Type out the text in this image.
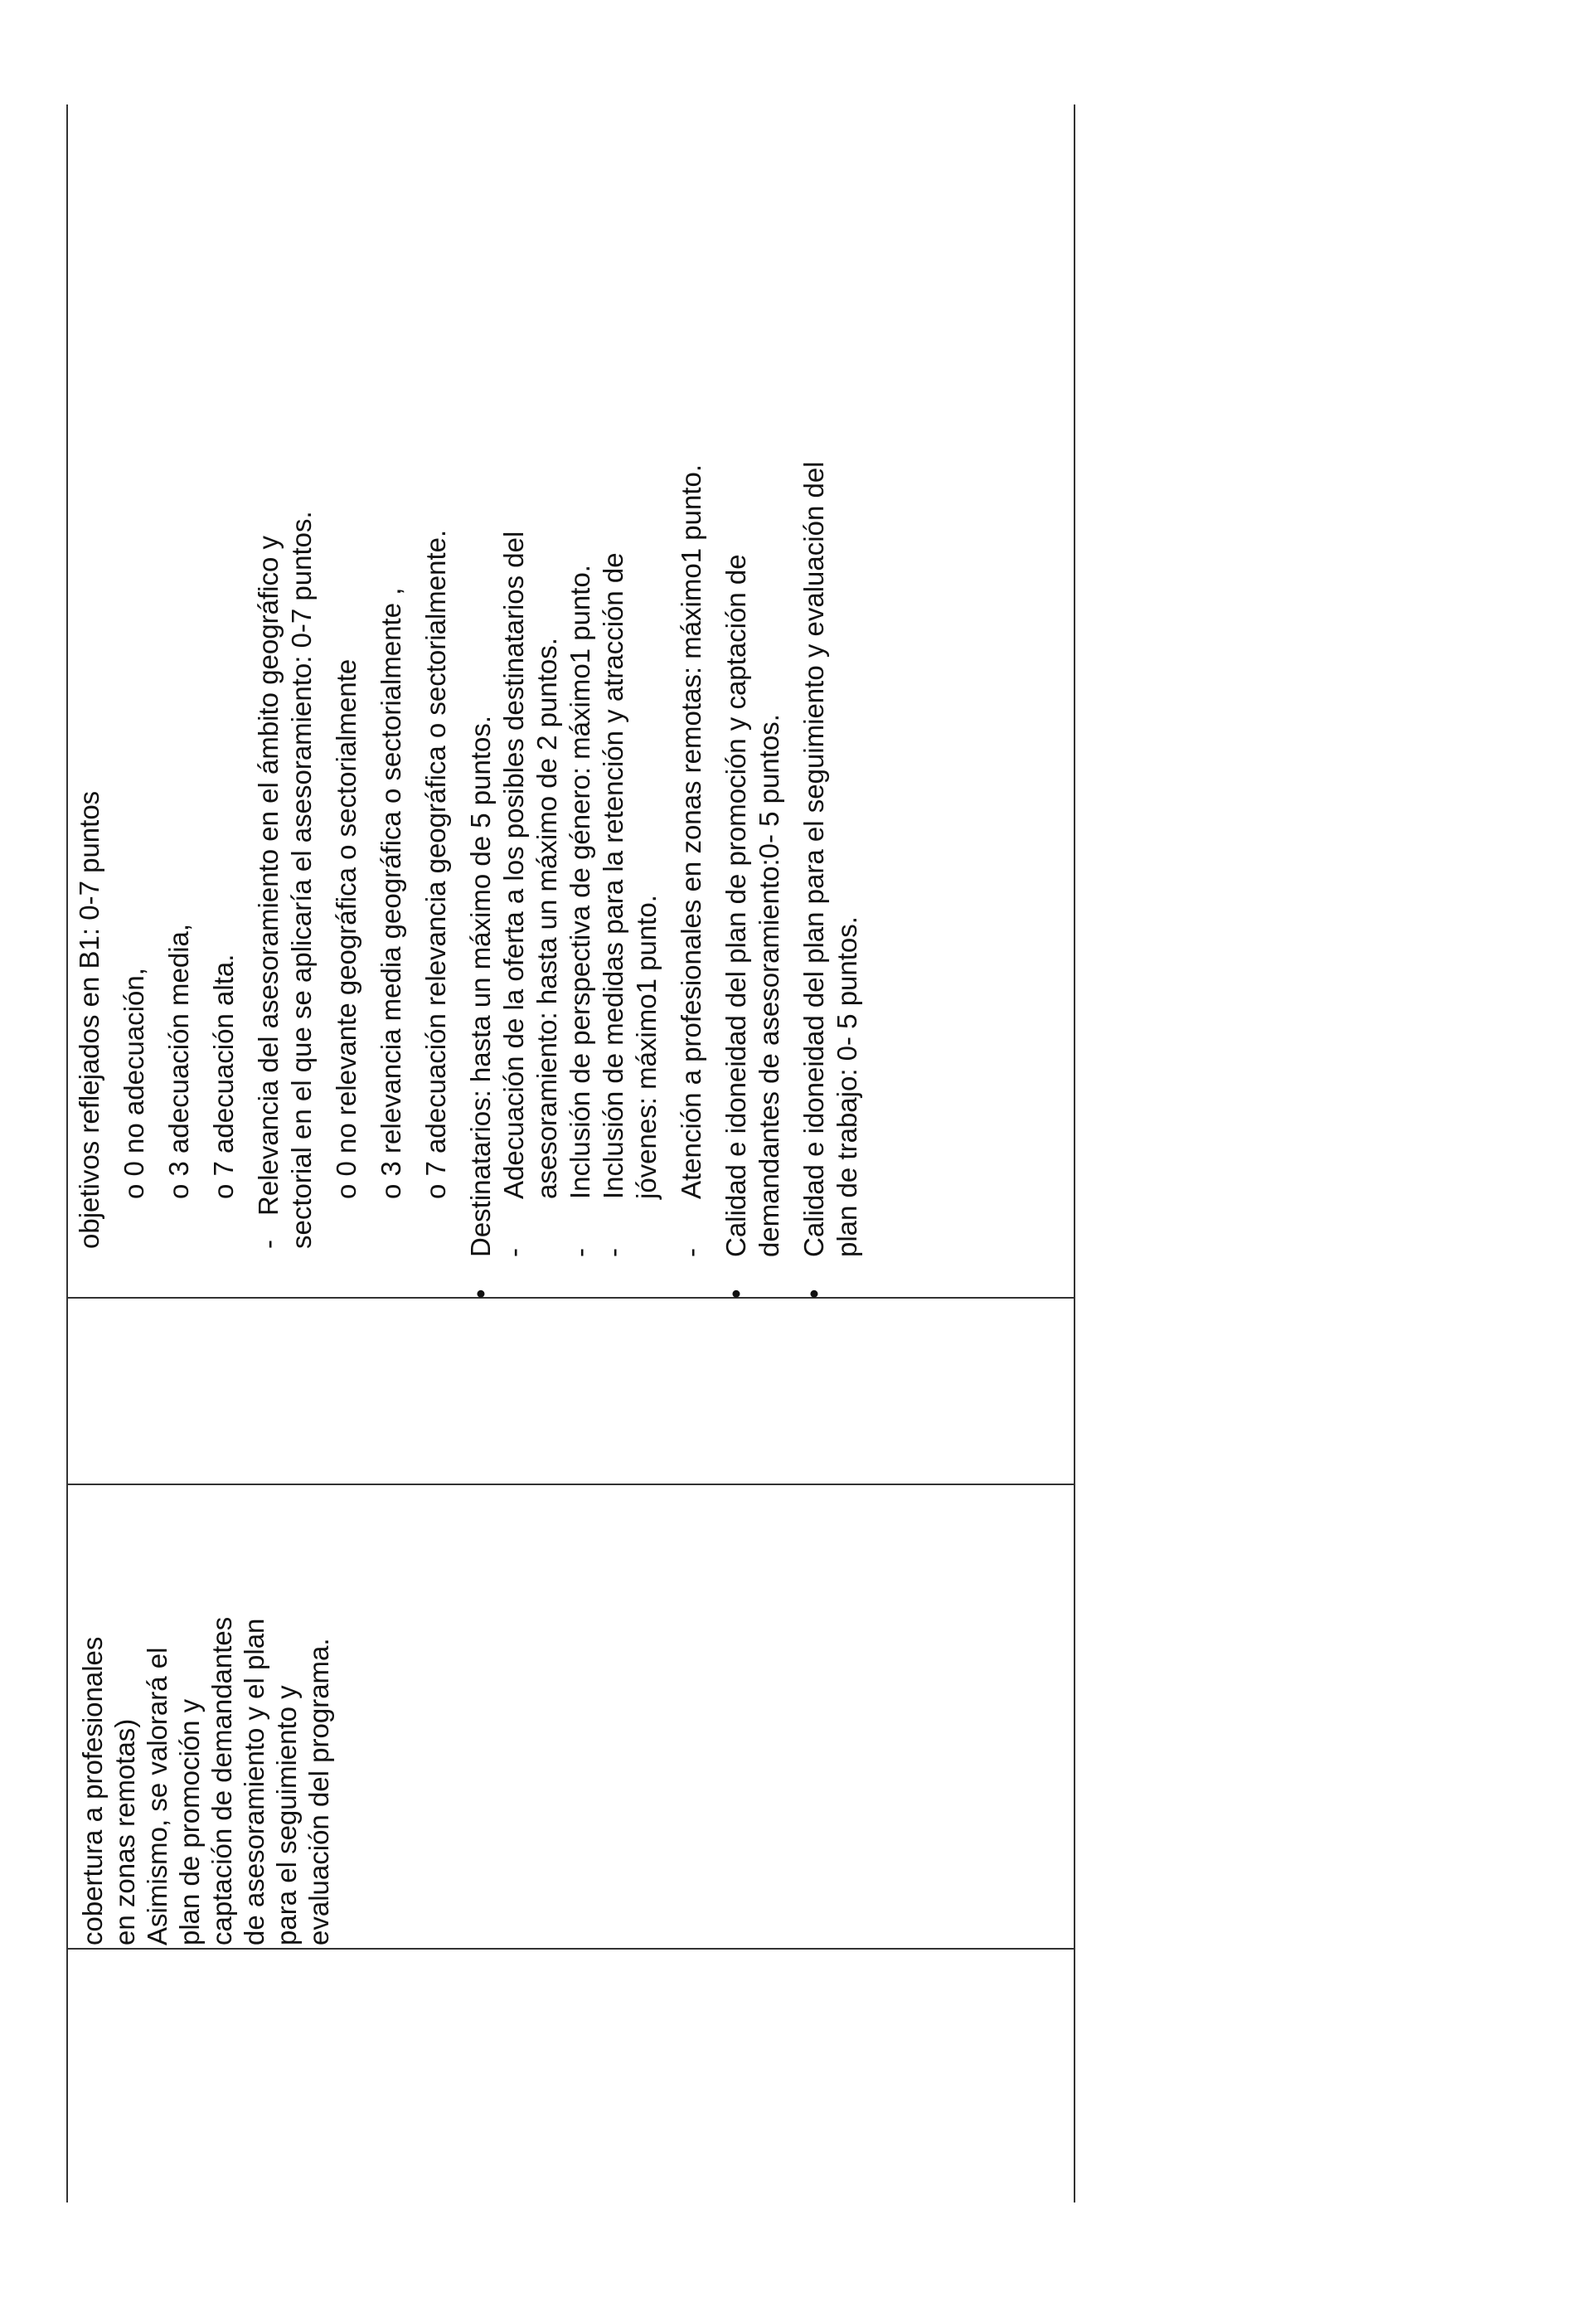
cobertura a profesionales en zonas remotas) Asimismo, se valorará el plan de promoción y captación de demandantes de asesoramiento y el plan para el seguimiento y evaluación del programa.

objetivos reflejados en B1: 0-7 puntos o 0 no adecuación, o 3 adecuación media, o 7 adecuación alta.

-
Relevancia del asesoramiento en el ámbito geográfico y sectorial en el que se aplicaría el asesoramiento: 0-7 puntos. o 0 no relevante geográfica o sectorialmente o 3 relevancia media geográfica o sectorialmente , o 7 adecuación relevancia geográfica o sectorialmente.

•
Destinatarios: hasta un máximo de 5 puntos. -
Adecuación de la oferta a los posibles destinatarios del asesoramiento: hasta un máximo de 2 puntos.

-
Inclusión de perspectiva de género: máximo1 punto.

-
Inclusión de medidas para la retención y atracción de jóvenes: máximo1 punto.

-
Atención a profesionales en zonas remotas: máximo1 punto.

•
Calidad e idoneidad del plan de promoción y captación de demandantes de asesoramiento:0- 5 puntos.

•
Calidad e idoneidad del plan para el seguimiento y evaluación del plan de trabajo: 0- 5 puntos.
